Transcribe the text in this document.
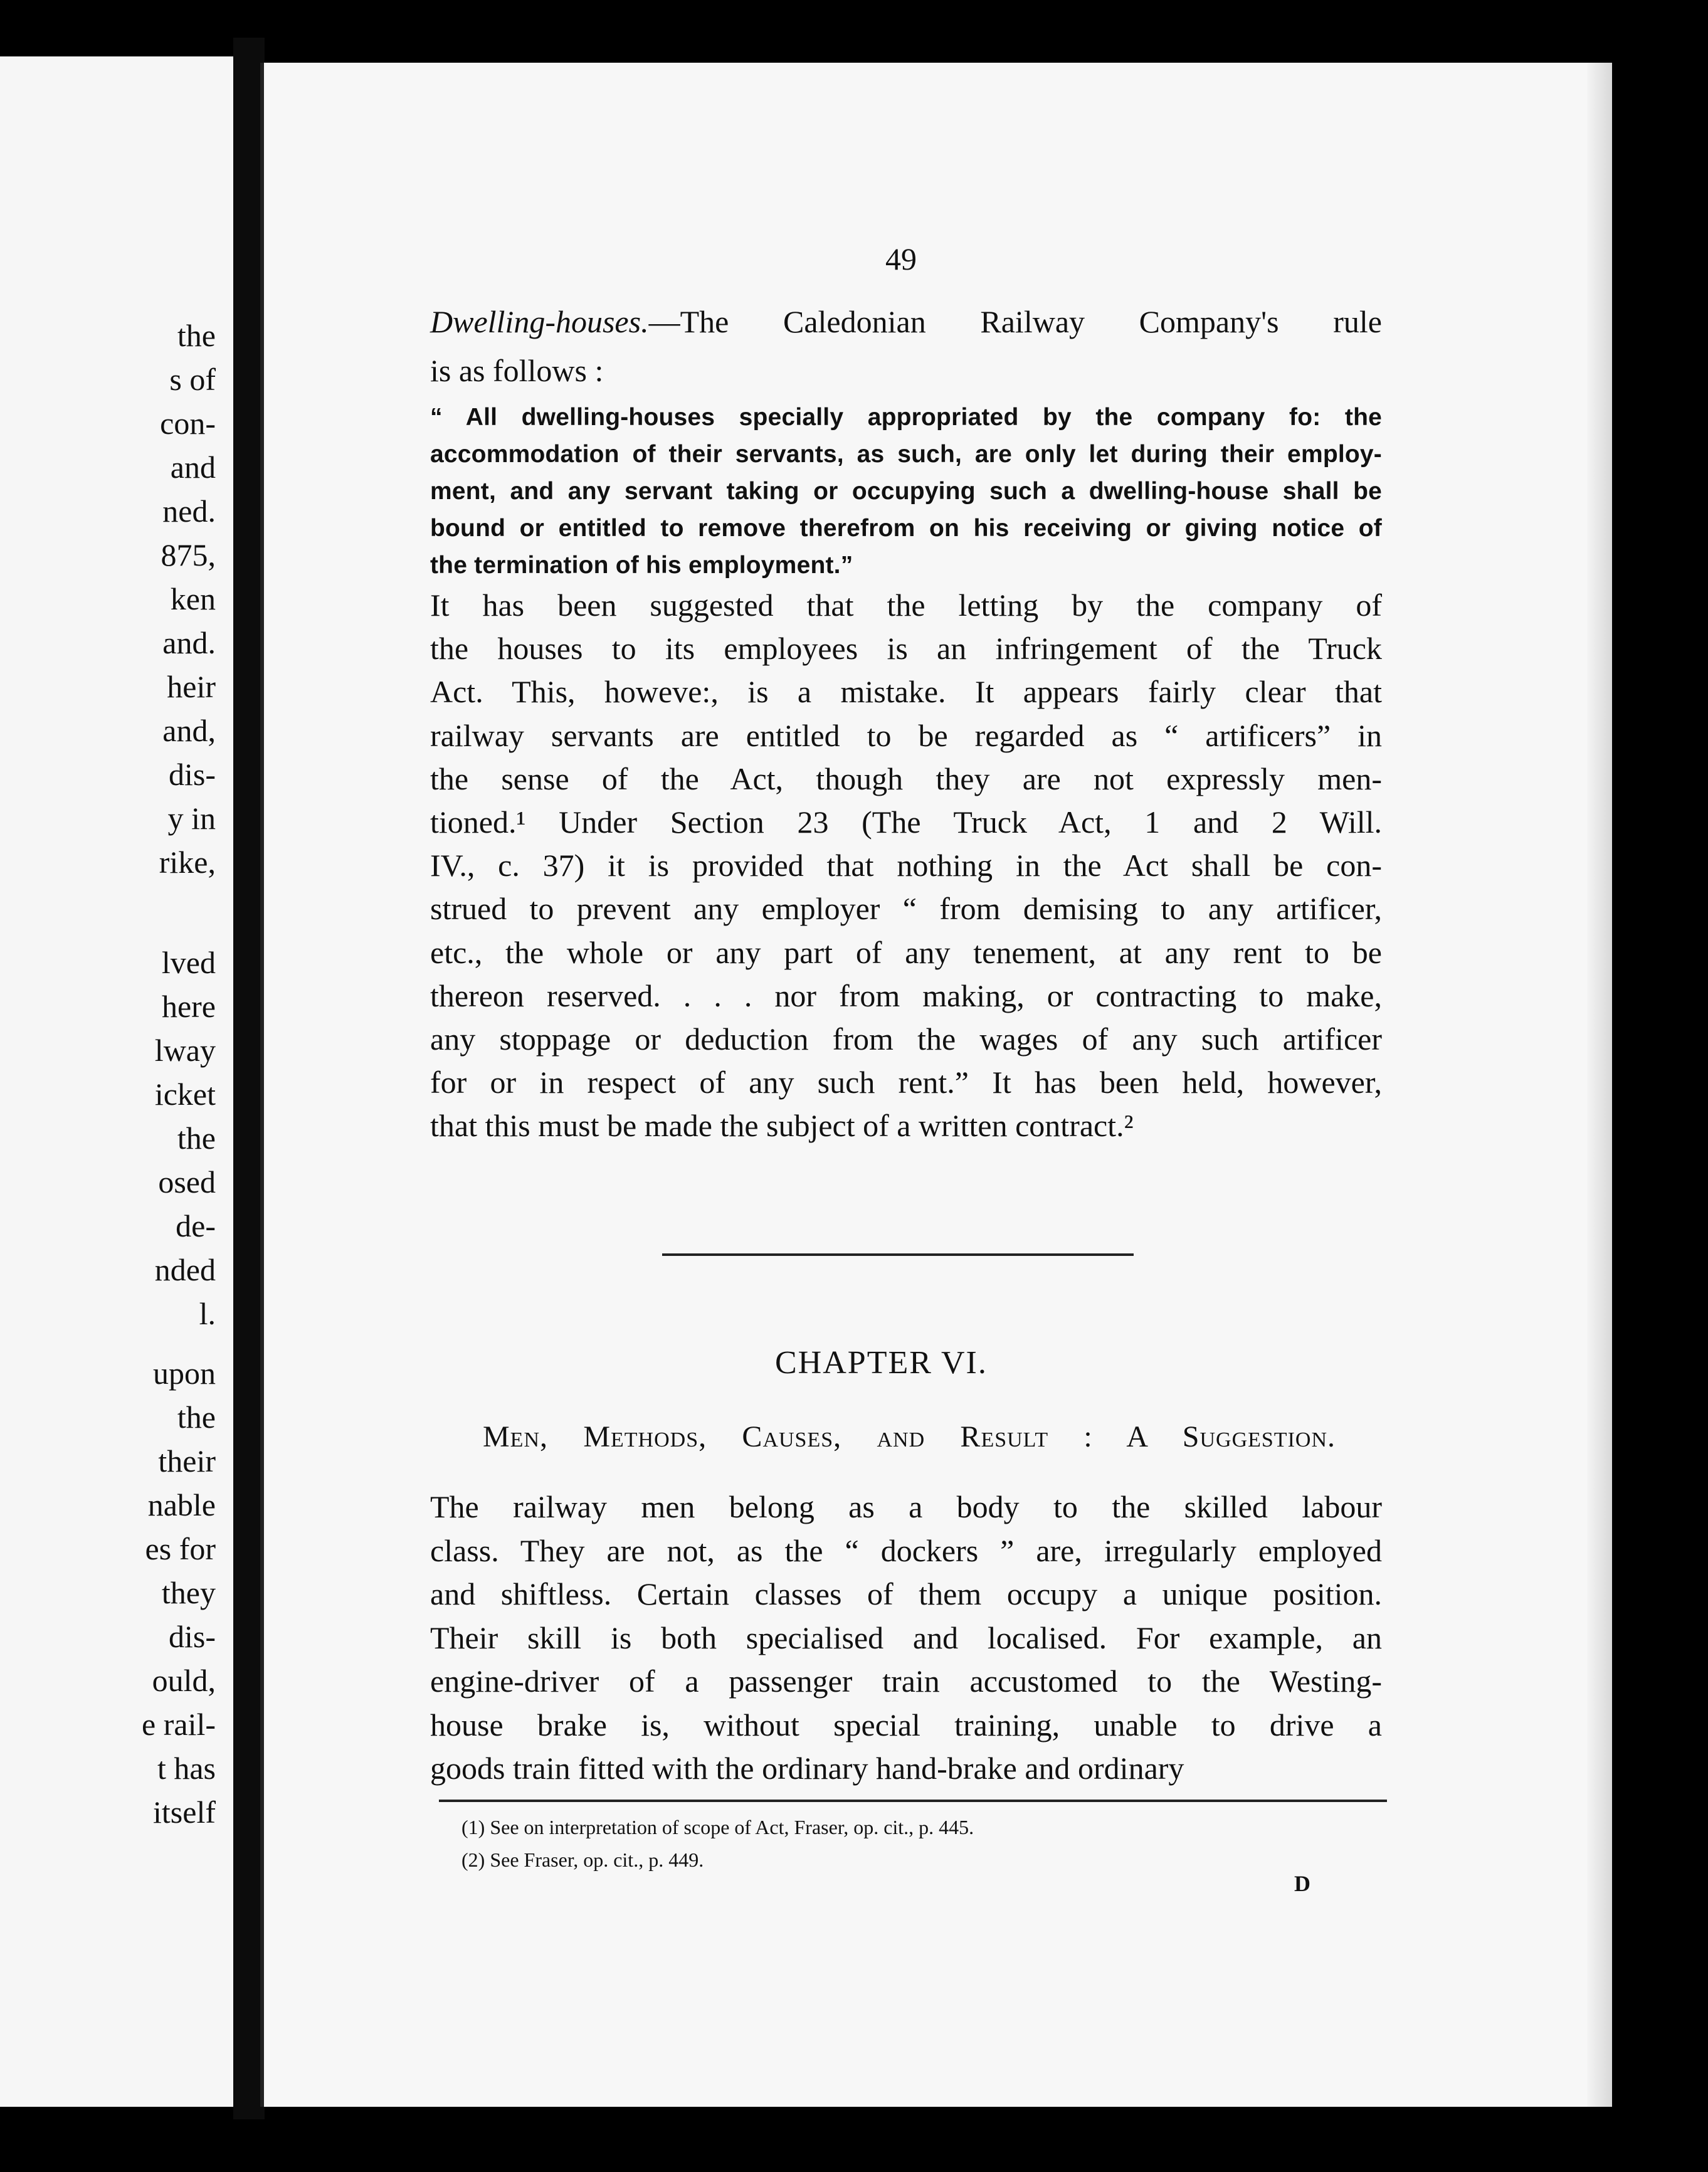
the
s of
con-
and
ned.
875,
ken
and.
heir
and,
dis-
y in
rike,
lved
here
lway
icket
the
osed
de-
nded
l.
upon
the
their
nable
es for
they
dis-
ould,
e rail-
t has
itself
49
Dwelling-houses.—The Caledonian Railway Company's rule
is as follows :
“ All dwelling-houses specially appropriated by the company fo: the
accommodation of their servants, as such, are only let during their employ-
ment, and any servant taking or occupying such a dwelling-house shall be
bound or entitled to remove therefrom on his receiving or giving notice of
the termination of his employment.”
It has been suggested that the letting by the company of
the houses to its employees is an infringement of the Truck
Act. This, howeve:, is a mistake. It appears fairly clear that
railway servants are entitled to be regarded as “ artificers” in
the sense of the Act, though they are not expressly men-
tioned.¹ Under Section 23 (The Truck Act, 1 and 2 Will.
IV., c. 37) it is provided that nothing in the Act shall be con-
strued to prevent any employer “ from demising to any artificer,
etc., the whole or any part of any tenement, at any rent to be
thereon reserved. . . . nor from making, or contracting to make,
any stoppage or deduction from the wages of any such artificer
for or in respect of any such rent.” It has been held, however,
that this must be made the subject of a written contract.²
CHAPTER VI.
Men, Methods, Causes, and Result : A Suggestion.
The railway men belong as a body to the skilled labour
class. They are not, as the “ dockers ” are, irregularly employed
and shiftless. Certain classes of them occupy a unique position.
Their skill is both specialised and localised. For example, an
engine-driver of a passenger train accustomed to the Westing-
house brake is, without special training, unable to drive a
goods train fitted with the ordinary hand-brake and ordinary
(1) See on interpretation of scope of Act, Fraser, op. cit., p. 445.
(2) See Fraser, op. cit., p. 449.
D
